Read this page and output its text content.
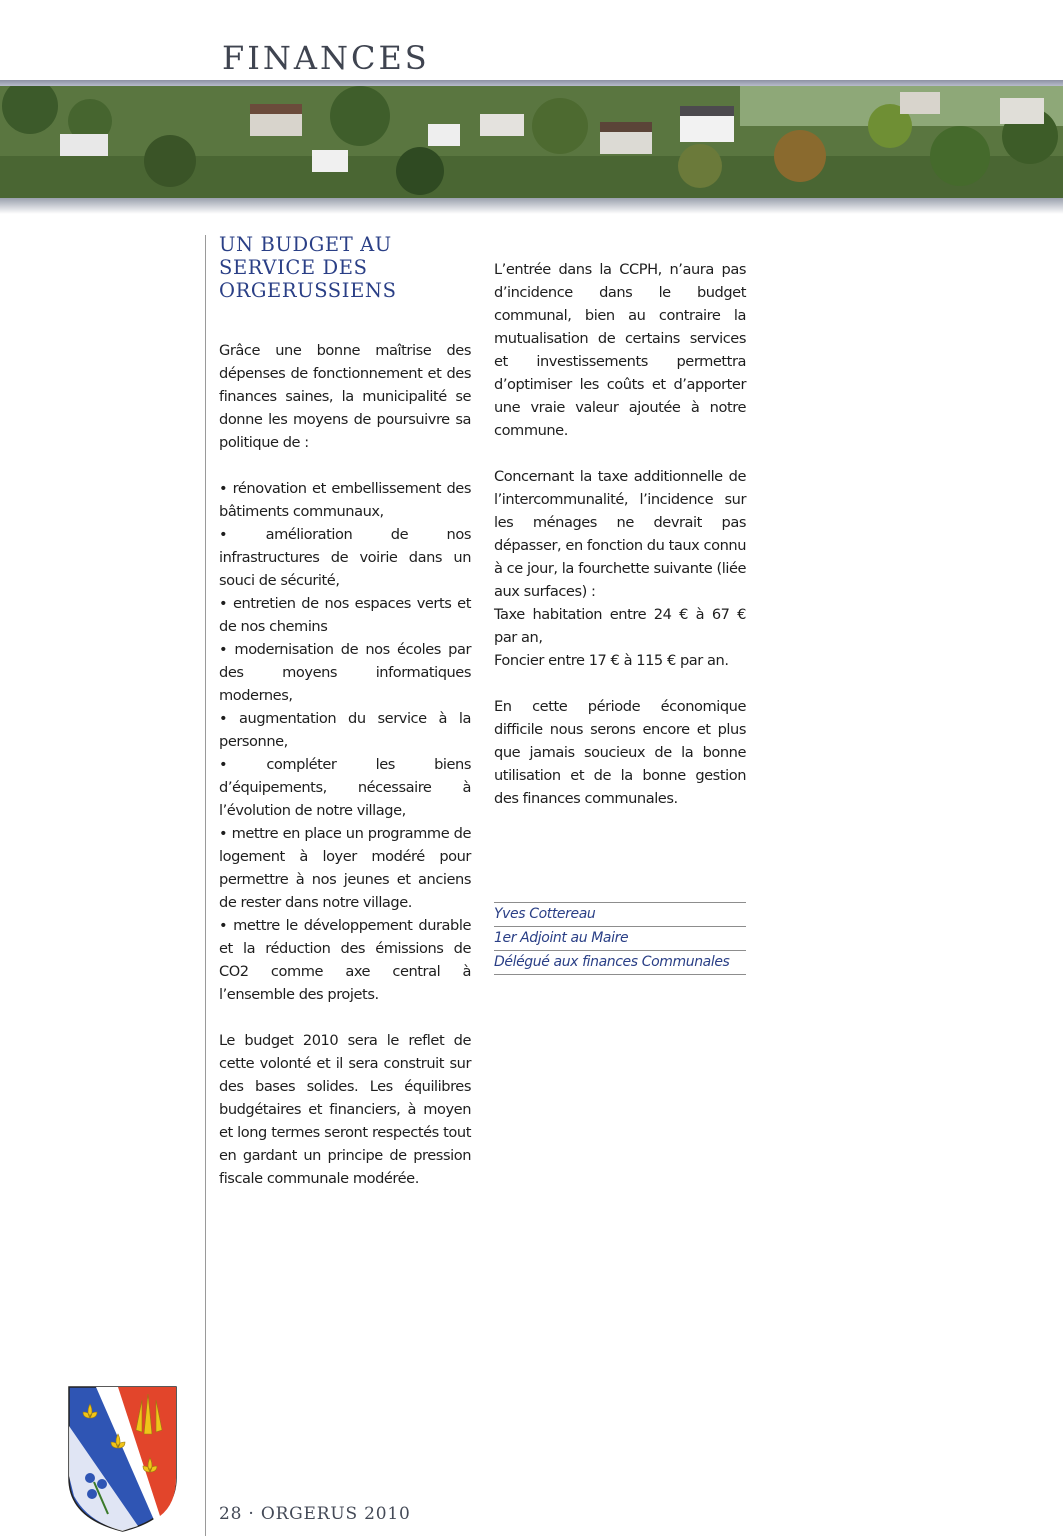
FINANCES
UN BUDGET AU
SERVICE DES
ORGERUSSIENS

Grâce une bonne maîtrise des dépenses de fonctionnement et des finances saines, la municipalité se donne les moyens de poursuivre sa politique de :

• rénovation et embellissement des bâtiments communaux,
• amélioration de nos infrastructures de voirie dans un souci de sécurité,
• entretien de nos espaces verts et de nos chemins
• modernisation de nos écoles par des moyens informatiques modernes,
• augmentation du service à la personne,
• compléter les biens d’équipements, nécessaire à l’évolution de notre village,
• mettre en place un programme de logement à loyer modéré pour permettre à nos jeunes et anciens de rester dans notre village.
• mettre le développement durable et la réduction des émissions de CO2 comme axe central à l’ensemble des projets.

Le budget 2010 sera le reflet de cette volonté et il sera construit sur des bases solides. Les équilibres budgétaires et financiers, à moyen et long termes seront respectés tout en gardant un principe de pression fiscale communale modérée.

L’entrée dans la CCPH, n’aura pas d’incidence dans le budget communal, bien au contraire la mutualisation de certains services et investissements permettra d’optimiser les coûts et d’apporter une vraie valeur ajoutée à notre commune.

Concernant la taxe additionnelle de l’intercommunalité, l’incidence sur les ménages ne devrait pas dépasser, en fonction du taux connu à ce jour, la fourchette suivante (liée aux surfaces) :

Taxe habitation entre 24 € à 67 € par an,

Foncier entre 17 € à 115 € par an.

En cette période économique difficile nous serons encore et plus que jamais soucieux de la bonne utilisation et de la bonne gestion des finances communales.

Yves Cottereau
1er Adjoint au Maire
Délégué aux finances Communales

28 · ORGERUS 2010
